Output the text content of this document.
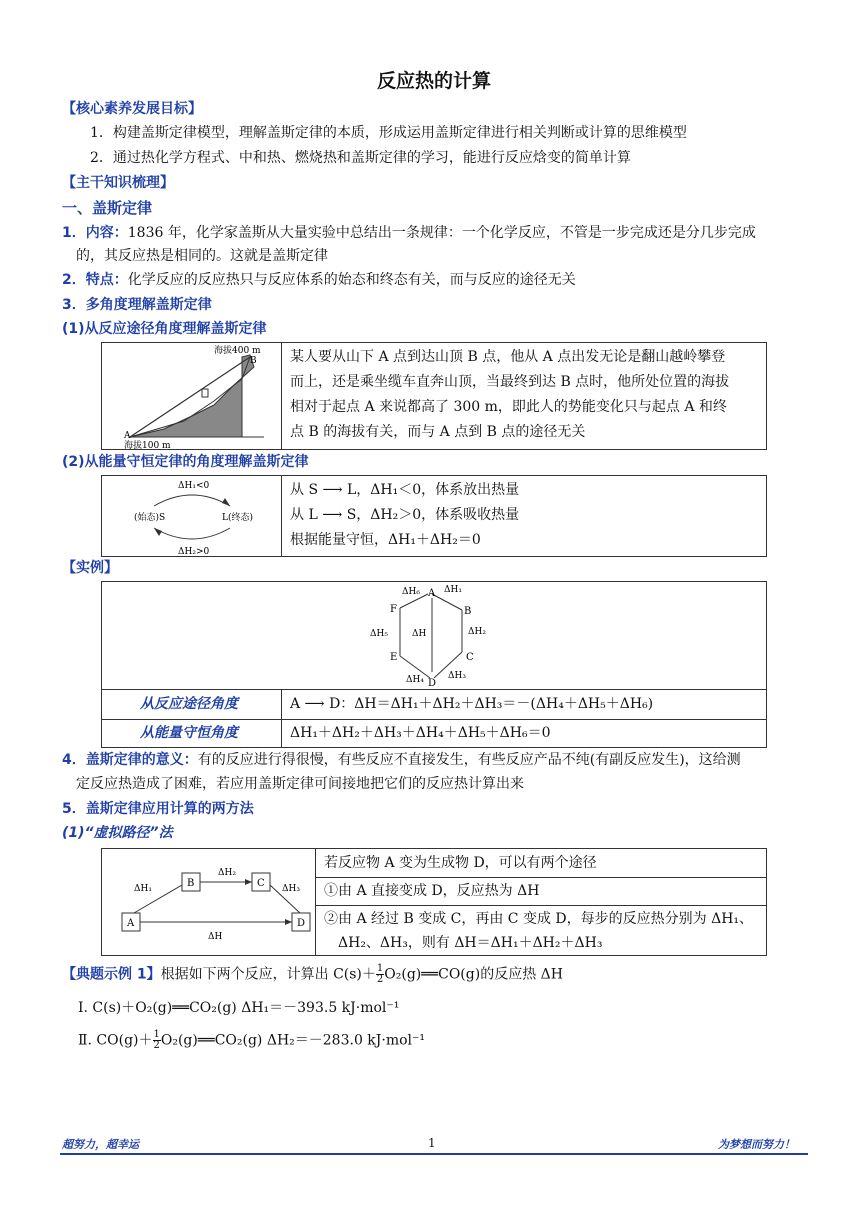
反应热的计算
【核心素养发展目标】
1．构建盖斯定律模型，理解盖斯定律的本质，形成运用盖斯定律进行相关判断或计算的思维模型
2．通过热化学方程式、中和热、燃烧热和盖斯定律的学习，能进行反应焓变的简单计算
【主干知识梳理】
一、盖斯定律
1．内容：1836 年，化学家盖斯从大量实验中总结出一条规律：一个化学反应，不管是一步完成还是分几步完成
的，其反应热是相同的。这就是盖斯定律
2．特点：化学反应的反应热只与反应体系的始态和终态有关，而与反应的途径无关
3．多角度理解盖斯定律
(1)从反应途径角度理解盖斯定律
海拔400 m
B
A
海拔100 m
某人要从山下 A 点到达山顶 B 点，他从 A 点出发无论是翻山越岭攀登
而上，还是乘坐缆车直奔山顶，当最终到达 B 点时，他所处位置的海拔
相对于起点 A 来说都高了 300 m，即此人的势能变化只与起点 A 和终
点 B 的海拔有关，而与 A 点到 B 点的途径无关
(2)从能量守恒定律的角度理解盖斯定律
ΔH₁<0
(始态)S	L(终态)
ΔH₂>0
从 S ⟶ L，ΔH₁＜0，体系放出热量
从 L ⟶ S，ΔH₂＞0，体系吸收热量
根据能量守恒，ΔH₁＋ΔH₂＝0
【实例】
A
B
C
D
E
F
ΔH₁
ΔH₂
ΔH₃
ΔH₄
ΔH₅
ΔH₆
ΔH
从反应途径角度	A ⟶ D：ΔH＝ΔH₁＋ΔH₂＋ΔH₃＝－(ΔH₄＋ΔH₅＋ΔH₆)
从能量守恒角度	ΔH₁＋ΔH₂＋ΔH₃＋ΔH₄＋ΔH₅＋ΔH₆＝0
4．盖斯定律的意义：有的反应进行得很慢，有些反应不直接发生，有些反应产品不纯(有副反应发生)，这给测
定反应热造成了困难，若应用盖斯定律可间接地把它们的反应热计算出来
5．盖斯定律应用计算的两方法
(1)“虚拟路径”法
A
B	C
D
ΔH₁
ΔH₂
ΔH₃
ΔH
若反应物 A 变为生成物 D，可以有两个途径
①由 A 直接变成 D，反应热为 ΔH
②由 A 经过 B 变成 C，再由 C 变成 D，每步的反应热分别为 ΔH₁、
ΔH₂、ΔH₃，则有 ΔH＝ΔH₁＋ΔH₂＋ΔH₃
【典题示例 1】根据如下两个反应，计算出 $C(s)+ \frac{1}{2}$ O₂(g)══CO(g)的反应热 ΔH
Ⅰ. C(s)＋O₂(g)══CO₂(g) ΔH₁＝－393.5 kJ·mol⁻¹
Ⅱ. $CO(g)+ \frac{1}{2}$ O₂(g)══CO₂(g) ΔH₂＝－283.0 kJ·mol⁻¹
超努力，超幸运	1	为梦想而努力！
